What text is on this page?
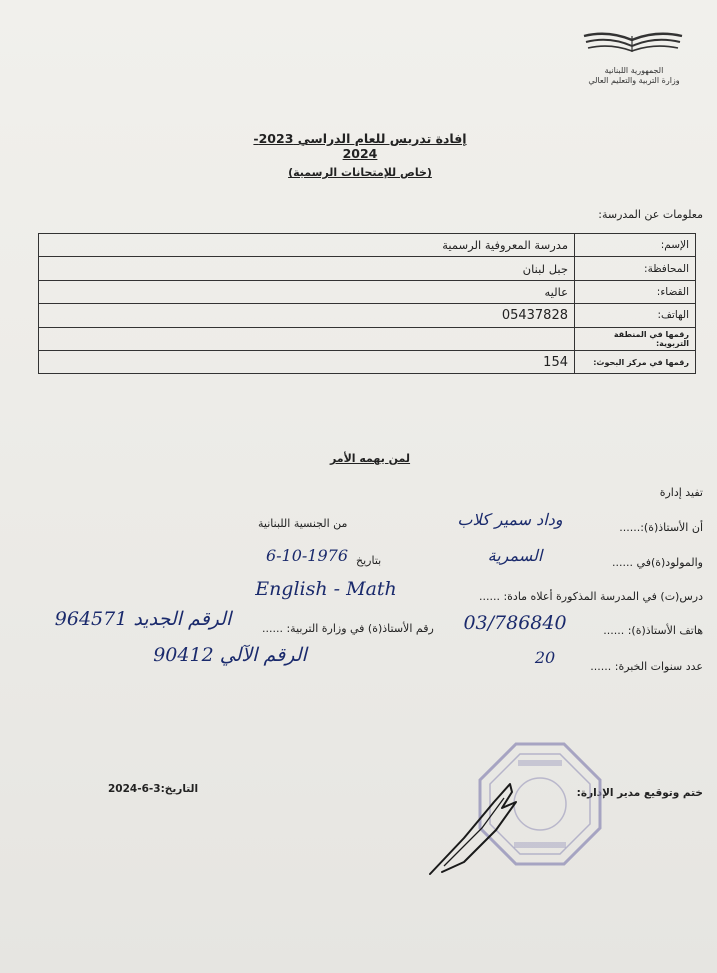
الجمهورية اللبنانية
وزارة التربية والتعليم العالي
إفادة تدريس للعام الدراسي 2023-2024
(خاص للإمتحانات الرسمية)
معلومات عن المدرسة:
الإسم:	مدرسة المعروفية الرسمية
المحافظة:	جبل لبنان
القضاء:	عاليه
الهاتف:	05437828
رقمها في المنطقة التربوية:	
رقمها في مركز البحوث:	154
لمن يهمه الأمر
تفيد إدارة
أن الأستاذ(ة):......
وداد سمير كلاب
من الجنسية اللبنانية
والمولود(ة)في ......
السمرية
بتاريخ
6-10-1976
درس(ت) في المدرسة المذكورة أعلاه مادة: ......
English - Math
هاتف الأستاذ(ة): ......
03/786840
رقم الأستاذ(ة) في وزارة التربية: ......
الرقم الجديد 964571
الرقم الآلي 90412
عدد سنوات الخبرة: ......
20
التاريخ:3-6-2024	ختم وتوقيع مدير الإدارة:
